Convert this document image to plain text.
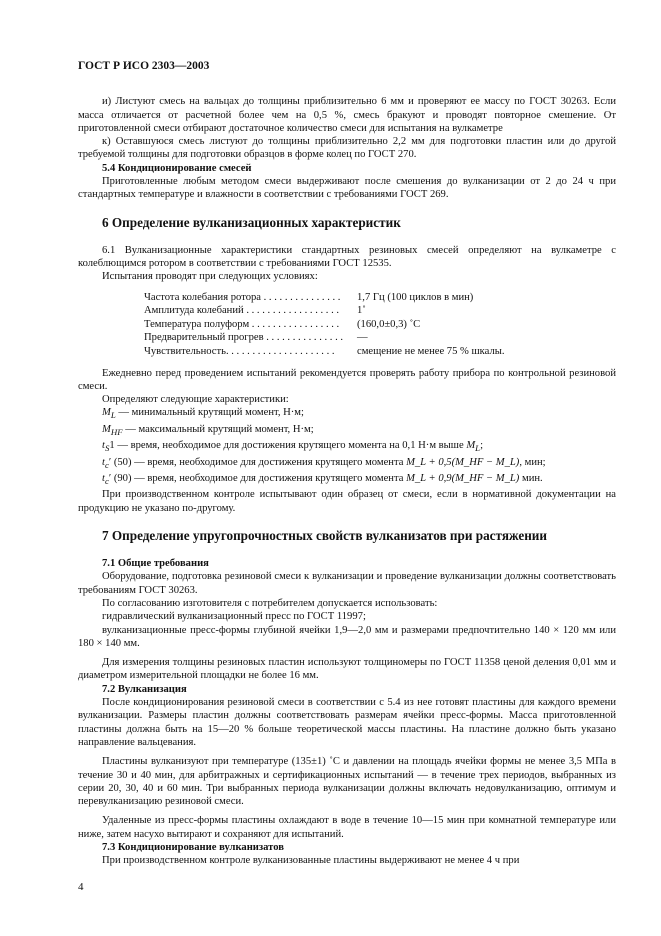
ГОСТ Р ИСО 2303—2003

и) Листуют смесь на вальцах до толщины приблизительно 6 мм и проверяют ее массу по ГОСТ 30263. Если масса отличается от расчетной более чем на 0,5 %, смесь бракуют и проводят повторное смешение. От приготовленной смеси отбирают достаточное количество смеси для испытания на вулкаметре

к) Оставшуюся смесь листуют до толщины приблизительно 2,2 мм для подготовки пластин или до другой требуемой толщины для подготовки образцов в форме колец по ГОСТ 270.

5.4 Кондиционирование смесей

Приготовленные любым методом смеси выдерживают после смешения до вулканизации от 2 до 24 ч при стандартных температуре и влажности в соответствии с требованиями ГОСТ 269.

6 Определение вулканизационных характеристик

6.1 Вулканизационные характеристики стандартных резиновых смесей определяют на вулкаметре с колеблющимся ротором в соответствии с требованиями ГОСТ 12535.

Испытания проводят при следующих условиях:

Частота колебания ротора . . . . . . . . . . . . . . .	1,7 Гц (100 циклов в мин)
Амплитуда колебаний . . . . . . . . . . . . . . . . . .	1˚
Температура полуформ . . . . . . . . . . . . . . . . .	(160,0±0,3) ˚С
Предварительный прогрев . . . . . . . . . . . . . . .	—
Чувствительность. . . . . . . . . . . . . . . . . . . . .	смещение не менее 75 % шкалы.

Ежедневно перед проведением испытаний рекомендуется проверять работу прибора по контрольной резиновой смеси.

Определяют следующие характеристики:

$M_L$ — минимальный крутящий момент, Н·м;

$M_{HF}$ — максимальный крутящий момент, Н·м;

$t_S1$ — время, необходимое для достижения крутящего момента на 0,1 Н·м выше $M_L$;

$t_c'$ (50) — время, необходимое для достижения крутящего момента M_L + 0,5(M_HF − M_L), мин;

$t_c'$ (90) — время, необходимое для достижения крутящего момента M_L + 0,9(M_HF − M_L) мин.

При производственном контроле испытывают один образец от смеси, если в нормативной документации на продукцию не указано по-другому.

7 Определение упругопрочностных свойств вулканизатов при растяжении

7.1 Общие требования

Оборудование, подготовка резиновой смеси к вулканизации и проведение вулканизации должны соответствовать требованиям ГОСТ 30263.

По согласованию изготовителя с потребителем допускается использовать:

гидравлический вулканизационный пресс по ГОСТ 11997;

вулканизационные пресс-формы глубиной ячейки 1,9—2,0 мм и размерами предпочтительно 140 × 120 мм или 180 × 140 мм.

Для измерения толщины резиновых пластин используют толщиномеры по ГОСТ 11358 ценой деления 0,01 мм и диаметром измерительной площадки не более 16 мм.

7.2 Вулканизация

После кондиционирования резиновой смеси в соответствии с 5.4 из нее готовят пластины для каждого времени вулканизации. Размеры пластин должны соответствовать размерам ячейки пресс-формы. Масса приготовленной пластины должна быть на 15—20 % больше теоретической массы пластины. На пластине должно быть указано направление вальцевания.

Пластины вулканизуют при температуре (135±1) ˚С и давлении на площадь ячейки формы не менее 3,5 МПа в течение 30 и 40 мин, для арбитражных и сертификационных испытаний — в течение трех периодов, выбранных из серии 20, 30, 40 и 60 мин. Три выбранных периода вулканизации должны включать недовулканизацию, оптимум и перевулканизацию резиновой смеси.

Удаленные из пресс-формы пластины охлаждают в воде в течение 10—15 мин при комнатной температуре или ниже, затем насухо вытирают и сохраняют для испытаний.

7.3 Кондиционирование вулканизатов

При производственном контроле вулканизованные пластины выдерживают не менее 4 ч при

4
